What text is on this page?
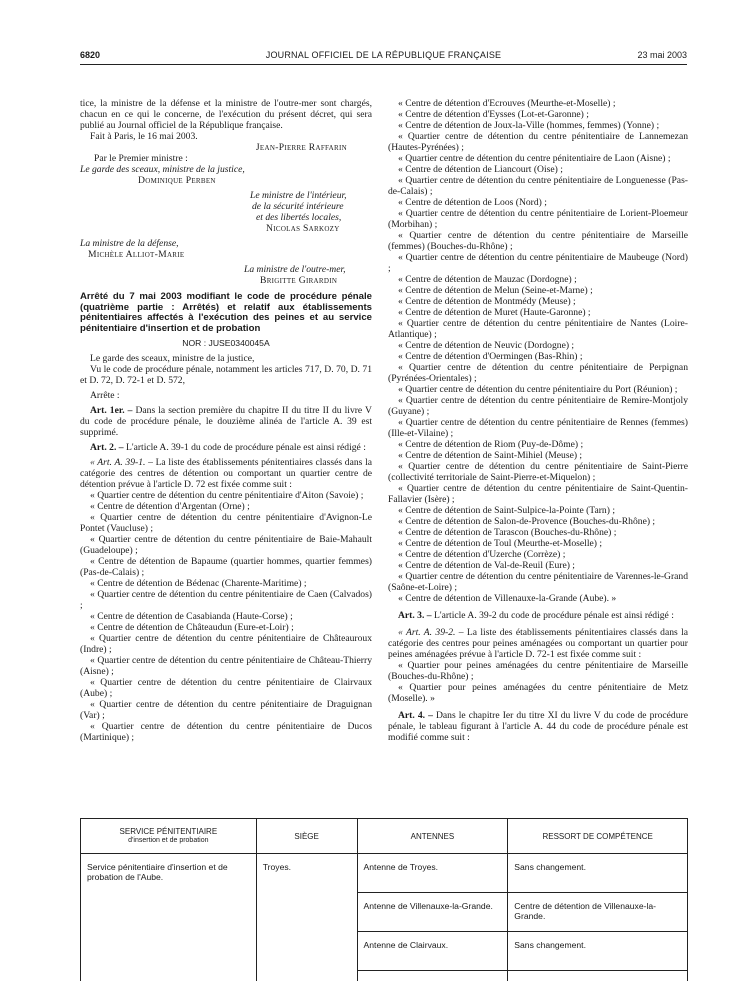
6820	JOURNAL OFFICIEL DE LA RÉPUBLIQUE FRANÇAISE	23 mai 2003

tice, la ministre de la défense et la ministre de l'outre-mer sont chargés, chacun en ce qui le concerne, de l'exécution du présent décret, qui sera publié au Journal officiel de la République française.

Fait à Paris, le 16 mai 2003.

Jean-Pierre Raffarin

Par le Premier ministre :

Le garde des sceaux, ministre de la justice,

Dominique Perben

Le ministre de l'intérieur,

de la sécurité intérieure

et des libertés locales,

Nicolas Sarkozy

La ministre de la défense,

Michèle Alliot-Marie

La ministre de l'outre-mer,

Brigitte Girardin

Arrêté du 7 mai 2003 modifiant le code de procédure pénale (quatrième partie : Arrêtés) et relatif aux établissements pénitentiaires affectés à l'exécution des peines et au service pénitentiaire d'insertion et de probation

NOR : JUSE0340045A

Le garde des sceaux, ministre de la justice,

Vu le code de procédure pénale, notamment les articles 717, D. 70, D. 71 et D. 72, D. 72-1 et D. 572,

Arrête :

Art. 1er. – Dans la section première du chapitre II du titre II du livre V du code de procédure pénale, le douzième alinéa de l'article A. 39 est supprimé.

Art. 2. – L'article A. 39-1 du code de procédure pénale est ainsi rédigé :

« Art. A. 39-1. – La liste des établissements pénitentiaires classés dans la catégorie des centres de détention ou comportant un quartier centre de détention prévue à l'article D. 72 est fixée comme suit :

« Quartier centre de détention du centre pénitentiaire d'Aiton (Savoie) ;

« Centre de détention d'Argentan (Orne) ;

« Quartier centre de détention du centre pénitentiaire d'Avignon-Le Pontet (Vaucluse) ;

« Quartier centre de détention du centre pénitentiaire de Baie-Mahault (Guadeloupe) ;

« Centre de détention de Bapaume (quartier hommes, quartier femmes) (Pas-de-Calais) ;

« Centre de détention de Bédenac (Charente-Maritime) ;

« Quartier centre de détention du centre pénitentiaire de Caen (Calvados) ;

« Centre de détention de Casabianda (Haute-Corse) ;

« Centre de détention de Châteaudun (Eure-et-Loir) ;

« Quartier centre de détention du centre pénitentiaire de Châteauroux (Indre) ;

« Quartier centre de détention du centre pénitentiaire de Château-Thierry (Aisne) ;

« Quartier centre de détention du centre pénitentiaire de Clairvaux (Aube) ;

« Quartier centre de détention du centre pénitentiaire de Draguignan (Var) ;

« Quartier centre de détention du centre pénitentiaire de Ducos (Martinique) ;

« Centre de détention d'Ecrouves (Meurthe-et-Moselle) ;

« Centre de détention d'Eysses (Lot-et-Garonne) ;

« Centre de détention de Joux-la-Ville (hommes, femmes) (Yonne) ;

« Quartier centre de détention du centre pénitentiaire de Lannemezan (Hautes-Pyrénées) ;

« Quartier centre de détention du centre pénitentiaire de Laon (Aisne) ;

« Centre de détention de Liancourt (Oise) ;

« Quartier centre de détention du centre pénitentiaire de Longuenesse (Pas-de-Calais) ;

« Centre de détention de Loos (Nord) ;

« Quartier centre de détention du centre pénitentiaire de Lorient-Ploemeur (Morbihan) ;

« Quartier centre de détention du centre pénitentiaire de Marseille (femmes) (Bouches-du-Rhône) ;

« Quartier centre de détention du centre pénitentiaire de Maubeuge (Nord) ;

« Centre de détention de Mauzac (Dordogne) ;

« Centre de détention de Melun (Seine-et-Marne) ;

« Centre de détention de Montmédy (Meuse) ;

« Centre de détention de Muret (Haute-Garonne) ;

« Quartier centre de détention du centre pénitentiaire de Nantes (Loire-Atlantique) ;

« Centre de détention de Neuvic (Dordogne) ;

« Centre de détention d'Oermingen (Bas-Rhin) ;

« Quartier centre de détention du centre pénitentiaire de Perpignan (Pyrénées-Orientales) ;

« Quartier centre de détention du centre pénitentiaire du Port (Réunion) ;

« Quartier centre de détention du centre pénitentiaire de Remire-Montjoly (Guyane) ;

« Quartier centre de détention du centre pénitentiaire de Rennes (femmes) (Ille-et-Vilaine) ;

« Centre de détention de Riom (Puy-de-Dôme) ;

« Centre de détention de Saint-Mihiel (Meuse) ;

« Quartier centre de détention du centre pénitentiaire de Saint-Pierre (collectivité territoriale de Saint-Pierre-et-Miquelon) ;

« Quartier centre de détention du centre pénitentiaire de Saint-Quentin-Fallavier (Isère) ;

« Centre de détention de Saint-Sulpice-la-Pointe (Tarn) ;

« Centre de détention de Salon-de-Provence (Bouches-du-Rhône) ;

« Centre de détention de Tarascon (Bouches-du-Rhône) ;

« Centre de détention de Toul (Meurthe-et-Moselle) ;

« Centre de détention d'Uzerche (Corrèze) ;

« Centre de détention de Val-de-Reuil (Eure) ;

« Quartier centre de détention du centre pénitentiaire de Varennes-le-Grand (Saône-et-Loire) ;

« Centre de détention de Villenauxe-la-Grande (Aube). »

Art. 3. – L'article A. 39-2 du code de procédure pénale est ainsi rédigé :

« Art. A. 39-2. – La liste des établissements pénitentiaires classés dans la catégorie des centres pour peines aménagées ou comportant un quartier pour peines aménagées prévue à l'article D. 72-1 est fixée comme suit :

« Quartier pour peines aménagées du centre pénitentiaire de Marseille (Bouches-du-Rhône) ;

« Quartier pour peines aménagées du centre pénitentiaire de Metz (Moselle). »

Art. 4. – Dans le chapitre Ier du titre XI du livre V du code de procédure pénale, le tableau figurant à l'article A. 44 du code de procédure pénale est modifié comme suit :

SERVICE PÉNITENTIAIRE
d'insertion et de probation	SIÈGE	ANTENNES	RESSORT DE COMPÉTENCE
Service pénitentiaire d'insertion et de probation de l'Aube.	Troyes.	Antenne de Troyes.	Sans changement.
		Antenne de Villenauxe-la-Grande.	Centre de détention de Villenauxe-la-Grande.
		Antenne de Clairvaux.	Sans changement.
